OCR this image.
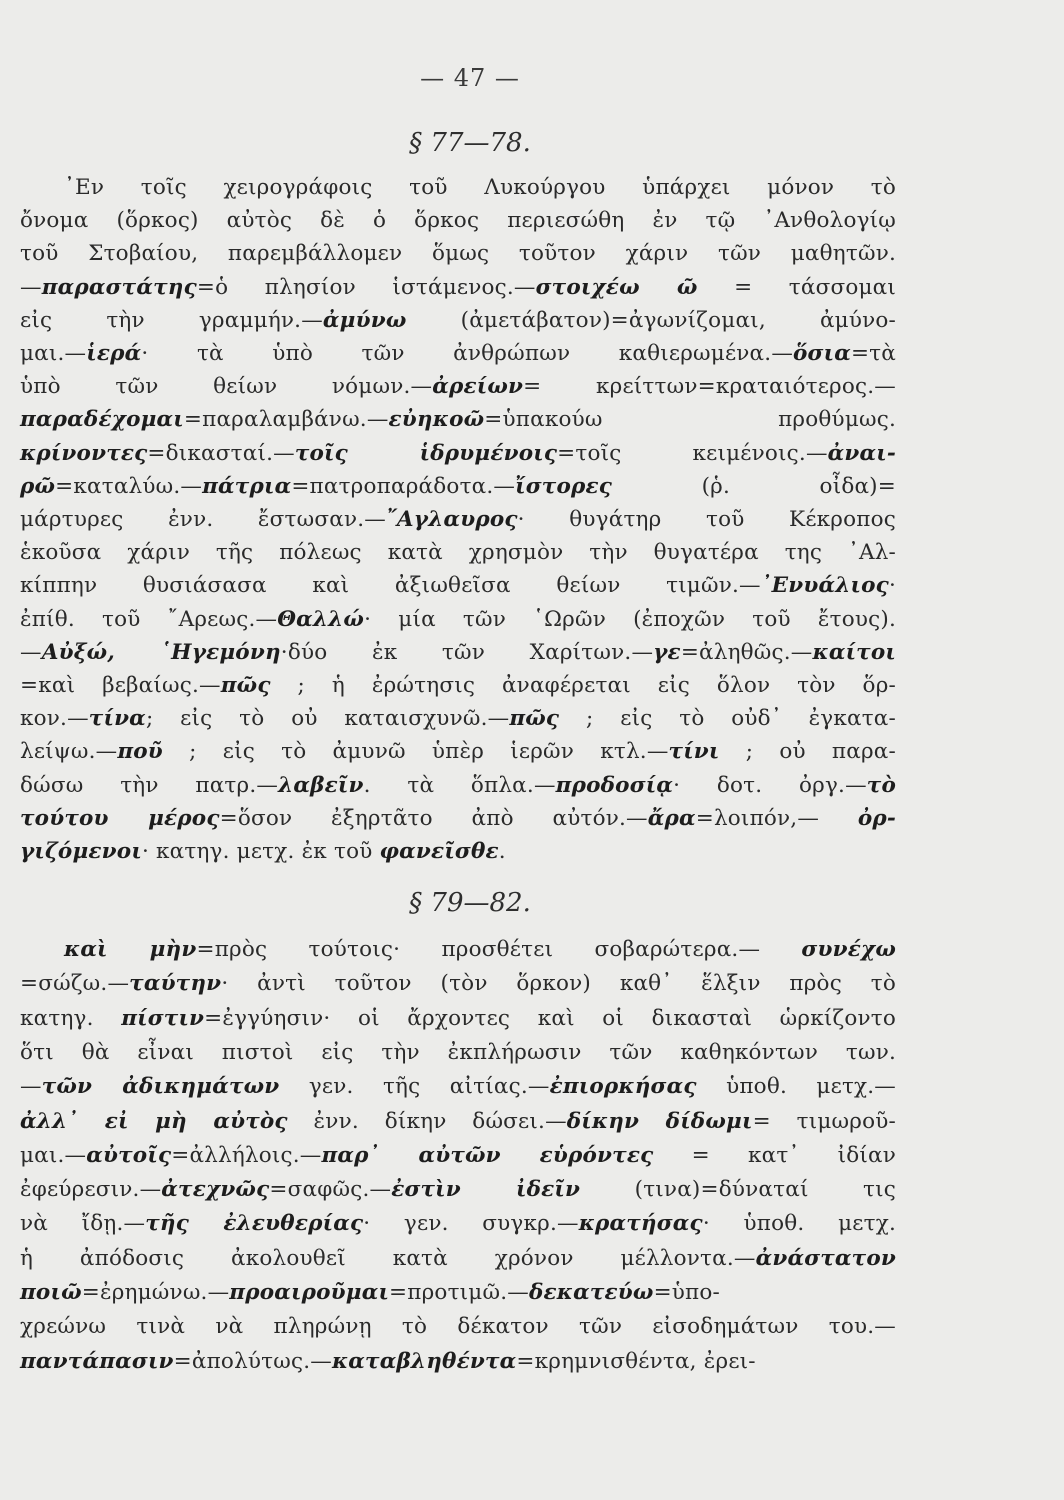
— 47 —
§ 77—78.
§ 79—82.
᾿Εν τοῖς χειρογράφοις τοῦ Λυκούργου ὑπάρχει μόνον τὸ
ὄνομα (ὅρκος) αὐτὸς δὲ ὁ ὅρκος περιεσώθη ἐν τῷ ᾿Ανθολογίῳ
τοῦ Στοβαίου, παρεμβάλλομεν ὅμως τοῦτον χάριν τῶν μαθητῶν.
—παραστάτης=ὁ πλησίον ἱστάμενος.—στοιχέω ῶ = τάσσομαι
εἰς τὴν γραμμήν.—ἀμύνω (ἀμετάβατον)=ἀγωνίζομαι, ἀμύνο-
μαι.—ἱερά· τὰ ὑπὸ τῶν ἀνθρώπων καθιερωμένα.—ὅσια=τὰ
ὑπὸ τῶν θείων νόμων.—ἀρείων= κρείττων=κραταιότερος.—
παραδέχομαι=παραλαμβάνω.—εὐηκοῶ=ὑπακούω προθύμως.
κρίνοντες=δικασταί.—τοῖς ἱδρυμένοις=τοῖς κειμένοις.—ἀναι-
ρῶ=καταλύω.—πάτρια=πατροπαράδοτα.—ἴστορες (ῥ. οἶδα)=
μάρτυρες ἐνν. ἔστωσαν.—῎Αγλαυρος· θυγάτηρ τοῦ Κέκροπος
ἑκοῦσα χάριν τῆς πόλεως κατὰ χρησμὸν τὴν θυγατέρα της ᾿Αλ-
κίππην θυσιάσασα καὶ ἀξιωθεῖσα θείων τιμῶν.—᾿Ενυάλιος·
ἐπίθ. τοῦ ῎Αρεως.—Θαλλώ· μία τῶν ῾Ωρῶν (ἐποχῶν τοῦ ἔτους).
—Αὐξώ, ῾Ηγεμόνη·δύο ἐκ τῶν Χαρίτων.—γε=ἀληθῶς.—καίτοι
=καὶ βεβαίως.—πῶς ; ἡ ἐρώτησις ἀναφέρεται εἰς ὅλον τὸν ὅρ-
κον.—τίνα; εἰς τὸ οὐ καταισχυνῶ.—πῶς ; εἰς τὸ οὐδ᾿ ἐγκατα-
λείψω.—ποῦ ; εἰς τὸ ἀμυνῶ ὑπὲρ ἱερῶν κτλ.—τίνι ; οὐ παρα-
δώσω τὴν πατρ.—λαβεῖν. τὰ ὅπλα.—προδοσίᾳ· δοτ. ὀργ.—τὸ
τούτου μέρος=ὅσον ἐξηρτᾶτο ἀπὸ αὐτόν.—ἄρα=λοιπόν,— ὀρ-
γιζόμενοι· κατηγ. μετχ. ἐκ τοῦ φανεῖσθε.
καὶ μὴν=πρὸς τούτοις· προσθέτει σοβαρώτερα.— συνέχω
=σώζω.—ταύτην· ἀντὶ τοῦτον (τὸν ὅρκον) καθ᾿ ἕλξιν πρὸς τὸ
κατηγ. πίστιν=ἐγγύησιν· οἱ ἄρχοντες καὶ οἱ δικασταὶ ὡρκίζοντο
ὅτι θὰ εἶναι πιστοὶ εἰς τὴν ἐκπλήρωσιν τῶν καθηκόντων των.
—τῶν ἀδικημάτων γεν. τῆς αἰτίας.—ἐπιορκήσας ὑποθ. μετχ.—
ἀλλ᾿ εἰ μὴ αὐτὸς ἐνν. δίκην δώσει.—δίκην δίδωμι= τιμωροῦ-
μαι.—αὐτοῖς=ἀλλήλοις.—παρ᾿ αὐτῶν εὑρόντες = κατ᾿ ἰδίαν
ἐφεύρεσιν.—ἀτεχνῶς=σαφῶς.—ἐστὶν ἰδεῖν (τινα)=δύναταί τις
νὰ ἴδῃ.—τῆς ἐλευθερίας· γεν. συγκρ.—κρατήσας· ὑποθ. μετχ.
ἡ ἀπόδοσις ἀκολουθεῖ κατὰ χρόνον μέλλοντα.—ἀνάστατον
ποιῶ=ἐρημώνω.—προαιροῦμαι=προτιμῶ.—δεκατεύω=ὑπο-
χρεώνω τινὰ νὰ πληρώνῃ τὸ δέκατον τῶν εἰσοδημάτων του.—
παντάπασιν=ἀπολύτως.—καταβληθέντα=κρημνισθέντα, ἐρει-
